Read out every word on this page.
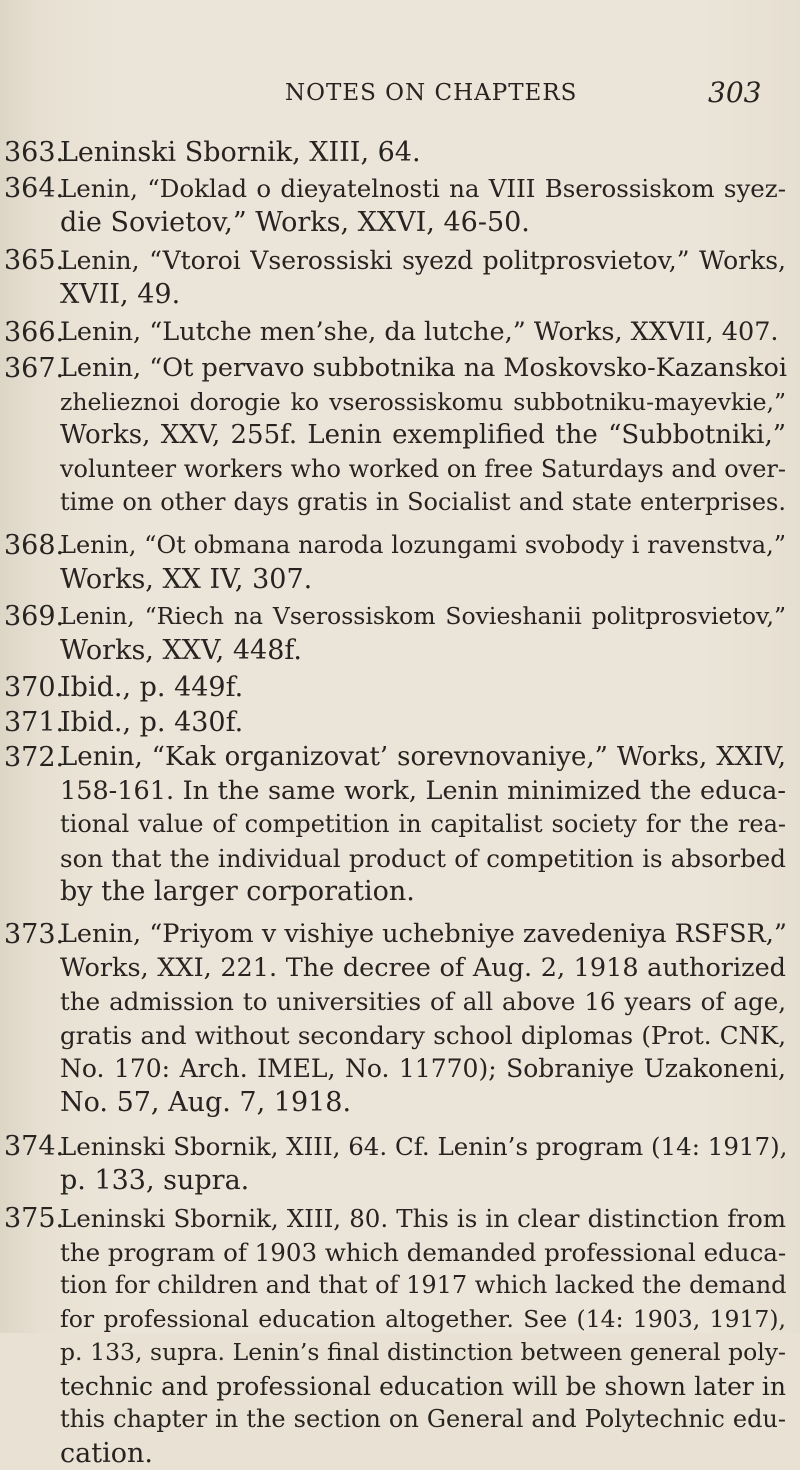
NOTES ON CHAPTERS	303
363.
Leninski Sbornik, XIII, 64.
364.
Lenin, “Doklad o dieyatelnosti na VIII Bserossiskom syez-
die Sovietov,” Works, XXVI, 46-50.
365.
Lenin, “Vtoroi Vserossiski syezd politprosvietov,” Works,
XVII, 49.
366.
Lenin, “Lutche men’she, da lutche,” Works, XXVII, 407.
367.
Lenin, “Ot pervavo subbotnika na Moskovsko-Kazanskoi
zhelieznoi dorogie ko vserossiskomu subbotniku-mayevkie,”
Works, XXV, 255f. Lenin exemplified the “Subbotniki,”
volunteer workers who worked on free Saturdays and over-
time on other days gratis in Socialist and state enterprises.
368.
Lenin, “Ot obmana naroda lozungami svobody i ravenstva,”
Works, XX IV, 307.
369.
Lenin, “Riech na Vserossiskom Sovieshanii politprosvietov,”
Works, XXV, 448f.
370.
Ibid., p. 449f.
371.
Ibid., p. 430f.
372.
Lenin, “Kak organizovat’ sorevnovaniye,” Works, XXIV,
158-161. In the same work, Lenin minimized the educa-
tional value of competition in capitalist society for the rea-
son that the individual product of competition is absorbed
by the larger corporation.
373.
Lenin, “Priyom v vishiye uchebniye zavedeniya RSFSR,”
Works, XXI, 221. The decree of Aug. 2, 1918 authorized
the admission to universities of all above 16 years of age,
gratis and without secondary school diplomas (Prot. CNK,
No. 170: Arch. IMEL, No. 11770); Sobraniye Uzakoneni,
No. 57, Aug. 7, 1918.
374.
Leninski Sbornik, XIII, 64. Cf. Lenin’s program (14: 1917),
p. 133, supra.
375.
Leninski Sbornik, XIII, 80. This is in clear distinction from
the program of 1903 which demanded professional educa-
tion for children and that of 1917 which lacked the demand
for professional education altogether. See (14: 1903, 1917),
p. 133, supra. Lenin’s final distinction between general poly-
technic and professional education will be shown later in
this chapter in the section on General and Polytechnic edu-
cation.
